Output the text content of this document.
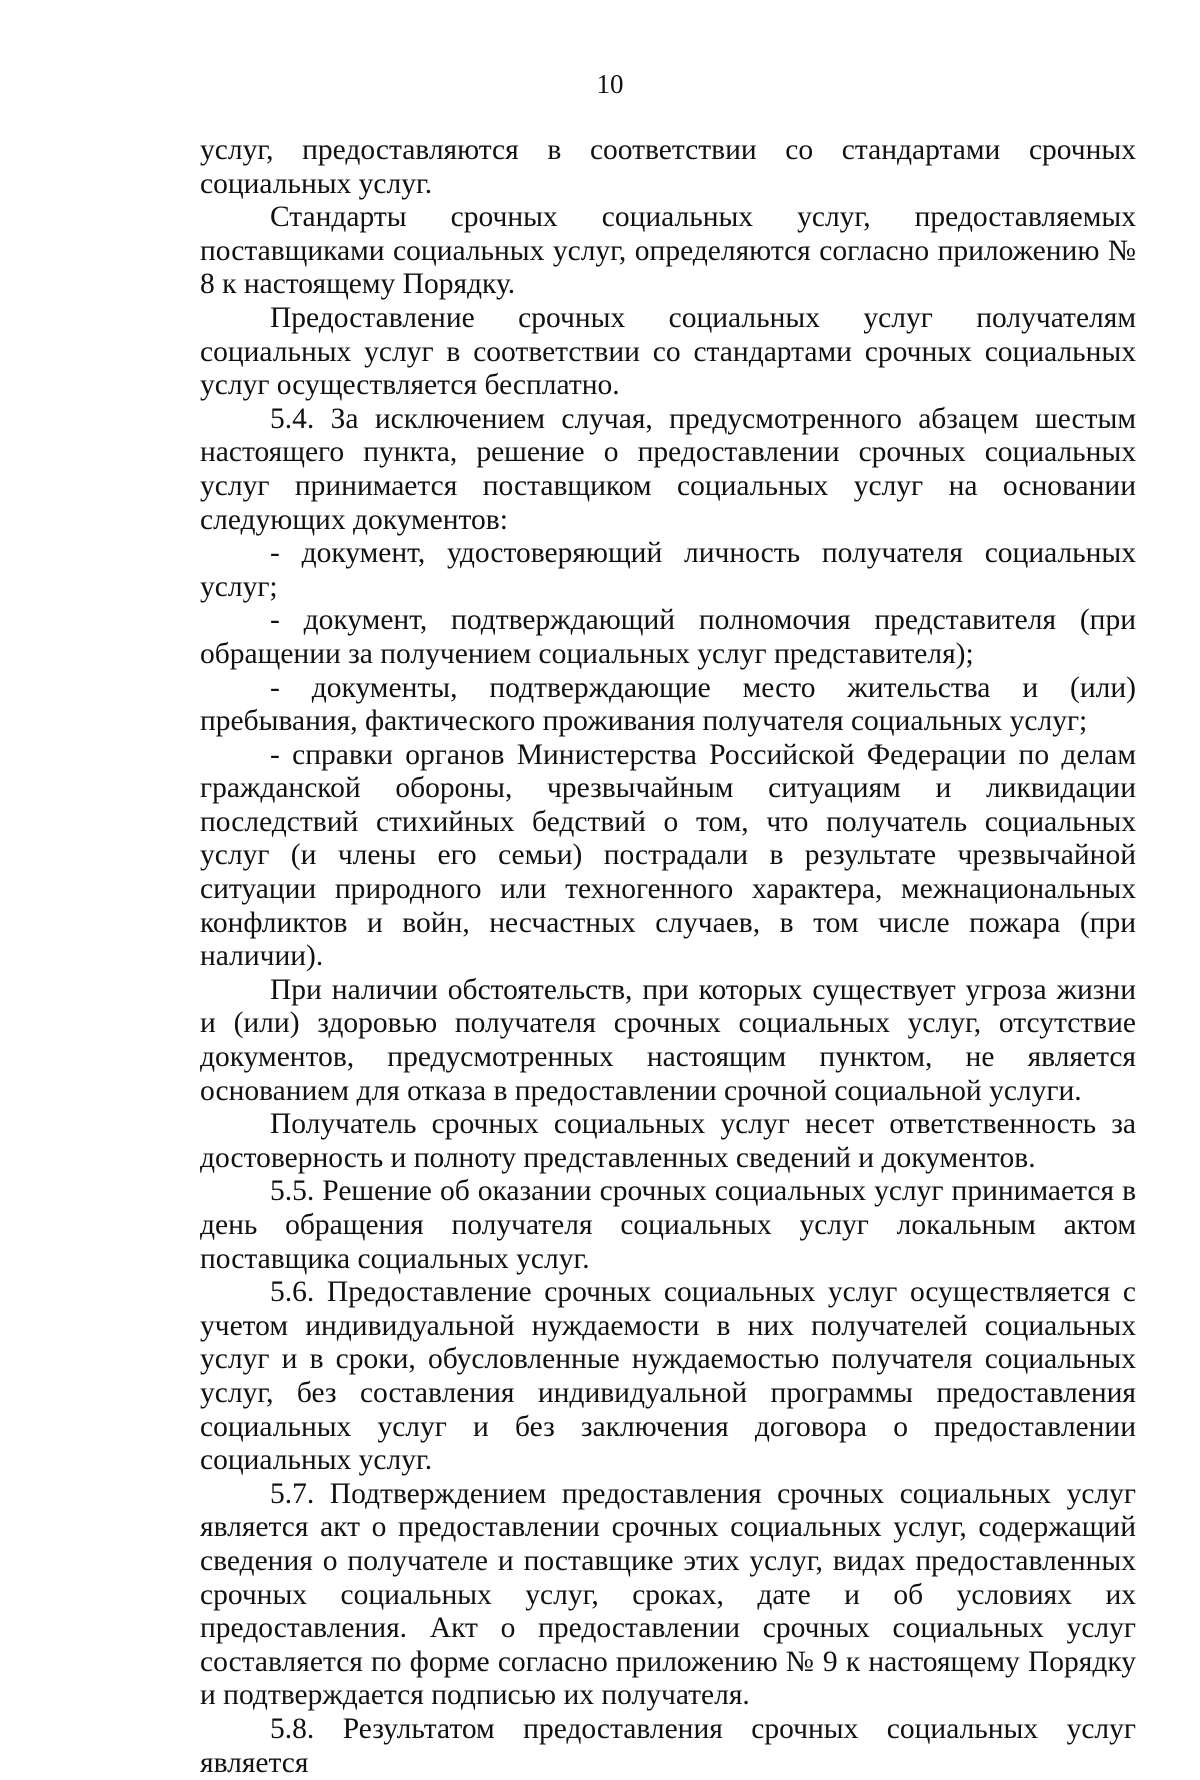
10

услуг, предоставляются в соответствии со стандартами срочных социальных услуг.

Стандарты срочных социальных услуг, предоставляемых поставщиками социальных услуг, определяются согласно приложению № 8 к настоящему Порядку.

Предоставление срочных социальных услуг получателям социальных услуг в соответствии со стандартами срочных социальных услуг осуществляется бесплатно.

5.4. За исключением случая, предусмотренного абзацем шестым настоящего пункта, решение о предоставлении срочных социальных услуг принимается поставщиком социальных услуг на основании следующих документов:

- документ, удостоверяющий личность получателя социальных услуг;

- документ, подтверждающий полномочия представителя (при обращении за получением социальных услуг представителя);

- документы, подтверждающие место жительства и (или) пребывания, фактического проживания получателя социальных услуг;

- справки органов Министерства Российской Федерации по делам гражданской обороны, чрезвычайным ситуациям и ликвидации последствий стихийных бедствий о том, что получатель социальных услуг (и члены его семьи) пострадали в результате чрезвычайной ситуации природного или техногенного характера, межнациональных конфликтов и войн, несчастных случаев, в том числе пожара (при наличии).

При наличии обстоятельств, при которых существует угроза жизни и (или) здоровью получателя срочных социальных услуг, отсутствие документов, предусмотренных настоящим пунктом, не является основанием для отказа в предоставлении срочной социальной услуги.

Получатель срочных социальных услуг несет ответственность за достоверность и полноту представленных сведений и документов.

5.5. Решение об оказании срочных социальных услуг принимается в день обращения получателя социальных услуг локальным актом поставщика социальных услуг.

5.6. Предоставление срочных социальных услуг осуществляется с учетом индивидуальной нуждаемости в них получателей социальных услуг и в сроки, обусловленные нуждаемостью получателя социальных услуг, без составления индивидуальной программы предоставления социальных услуг и без заключения договора о предоставлении социальных услуг.

5.7. Подтверждением предоставления срочных социальных услуг является акт о предоставлении срочных социальных услуг, содержащий сведения о получателе и поставщике этих услуг, видах предоставленных срочных социальных услуг, сроках, дате и об условиях их предоставления. Акт о предоставлении срочных социальных услуг составляется по форме согласно приложению № 9 к настоящему Порядку и подтверждается подписью их получателя.

5.8. Результатом предоставления срочных социальных услуг является
